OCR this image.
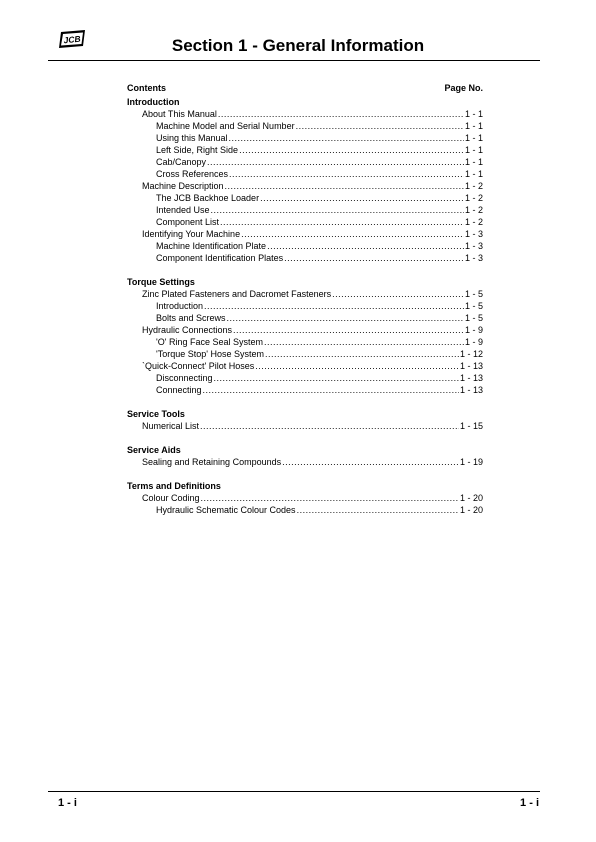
JCB	Section 1 - General Information
Contents	Page No.
Introduction
About This Manual .....	1 - 1
Machine Model and Serial Number .....	1 - 1
Using this Manual .....	1 - 1
Left Side, Right Side .....	1 - 1
Cab/Canopy .....	1 - 1
Cross References .....	1 - 1
Machine Description .....	1 - 2
The JCB Backhoe Loader .....	1 - 2
Intended Use .....	1 - 2
Component List .....	1 - 2
Identifying Your Machine .....	1 - 3
Machine Identification Plate .....	1 - 3
Component Identification Plates .....	1 - 3
Torque Settings
Zinc Plated Fasteners and Dacromet Fasteners .....	1 - 5
Introduction .....	1 - 5
Bolts and Screws .....	1 - 5
Hydraulic Connections .....	1 - 9
'O' Ring Face Seal System .....	1 - 9
'Torque Stop' Hose System .....	1 - 12
`Quick-Connect' Pilot Hoses .....	1 - 13
Disconnecting .....	1 - 13
Connecting .....	1 - 13
Service Tools
Numerical List .....	1 - 15
Service Aids
Sealing and Retaining Compounds .....	1 - 19
Terms and Definitions
Colour Coding .....	1 - 20
Hydraulic Schematic Colour Codes .....	1 - 20
1 - i	1 - i
